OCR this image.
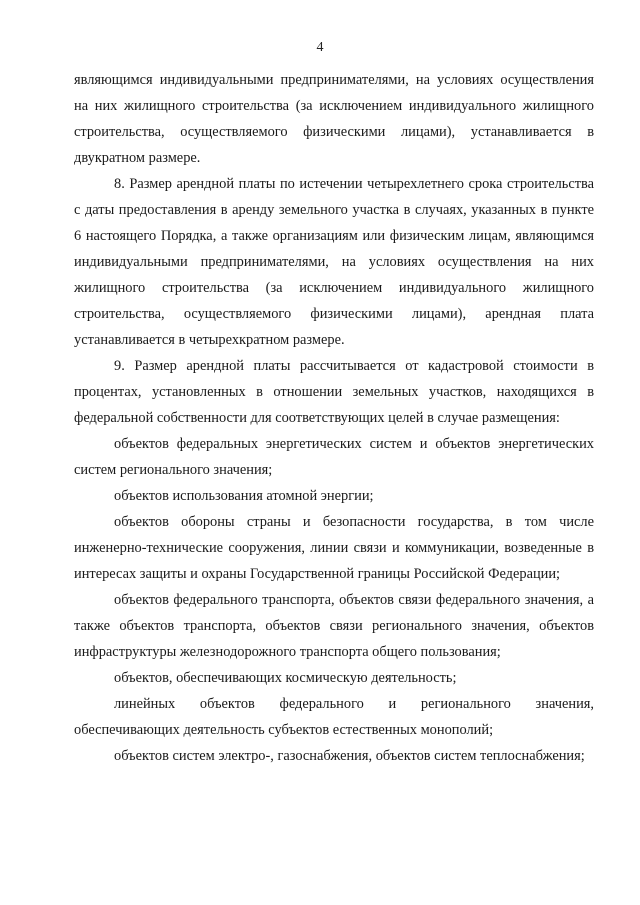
4

являющимся индивидуальными предпринимателями, на условиях осуществления на них жилищного строительства (за исключением индивидуального жилищного строительства, осуществляемого физическими лицами), устанавливается в двукратном размере.

8. Размер арендной платы по истечении четырехлетнего срока строительства с даты предоставления в аренду земельного участка в случаях, указанных в пункте 6 настоящего Порядка, а также организациям или физическим лицам, являющимся индивидуальными предпринимателями, на условиях осуществления на них жилищного строительства (за исключением индивидуального жилищного строительства, осуществляемого физическими лицами), арендная плата устанавливается в четырехкратном размере.

9. Размер арендной платы рассчитывается от кадастровой стоимости в процентах, установленных в отношении земельных участков, находящихся в федеральной собственности для соответствующих целей в случае размещения:

объектов федеральных энергетических систем и объектов энергетических систем регионального значения;

объектов использования атомной энергии;

объектов обороны страны и безопасности государства, в том числе инженерно-технические сооружения, линии связи и коммуникации, возведенные в интересах защиты и охраны Государственной границы Российской Федерации;

объектов федерального транспорта, объектов связи федерального значения, а также объектов транспорта, объектов связи регионального значения, объектов инфраструктуры железнодорожного транспорта общего пользования;

объектов, обеспечивающих космическую деятельность;

линейных объектов федерального и регионального значения, обеспечивающих деятельность субъектов естественных монополий;

объектов систем электро-, газоснабжения, объектов систем теплоснабжения;
